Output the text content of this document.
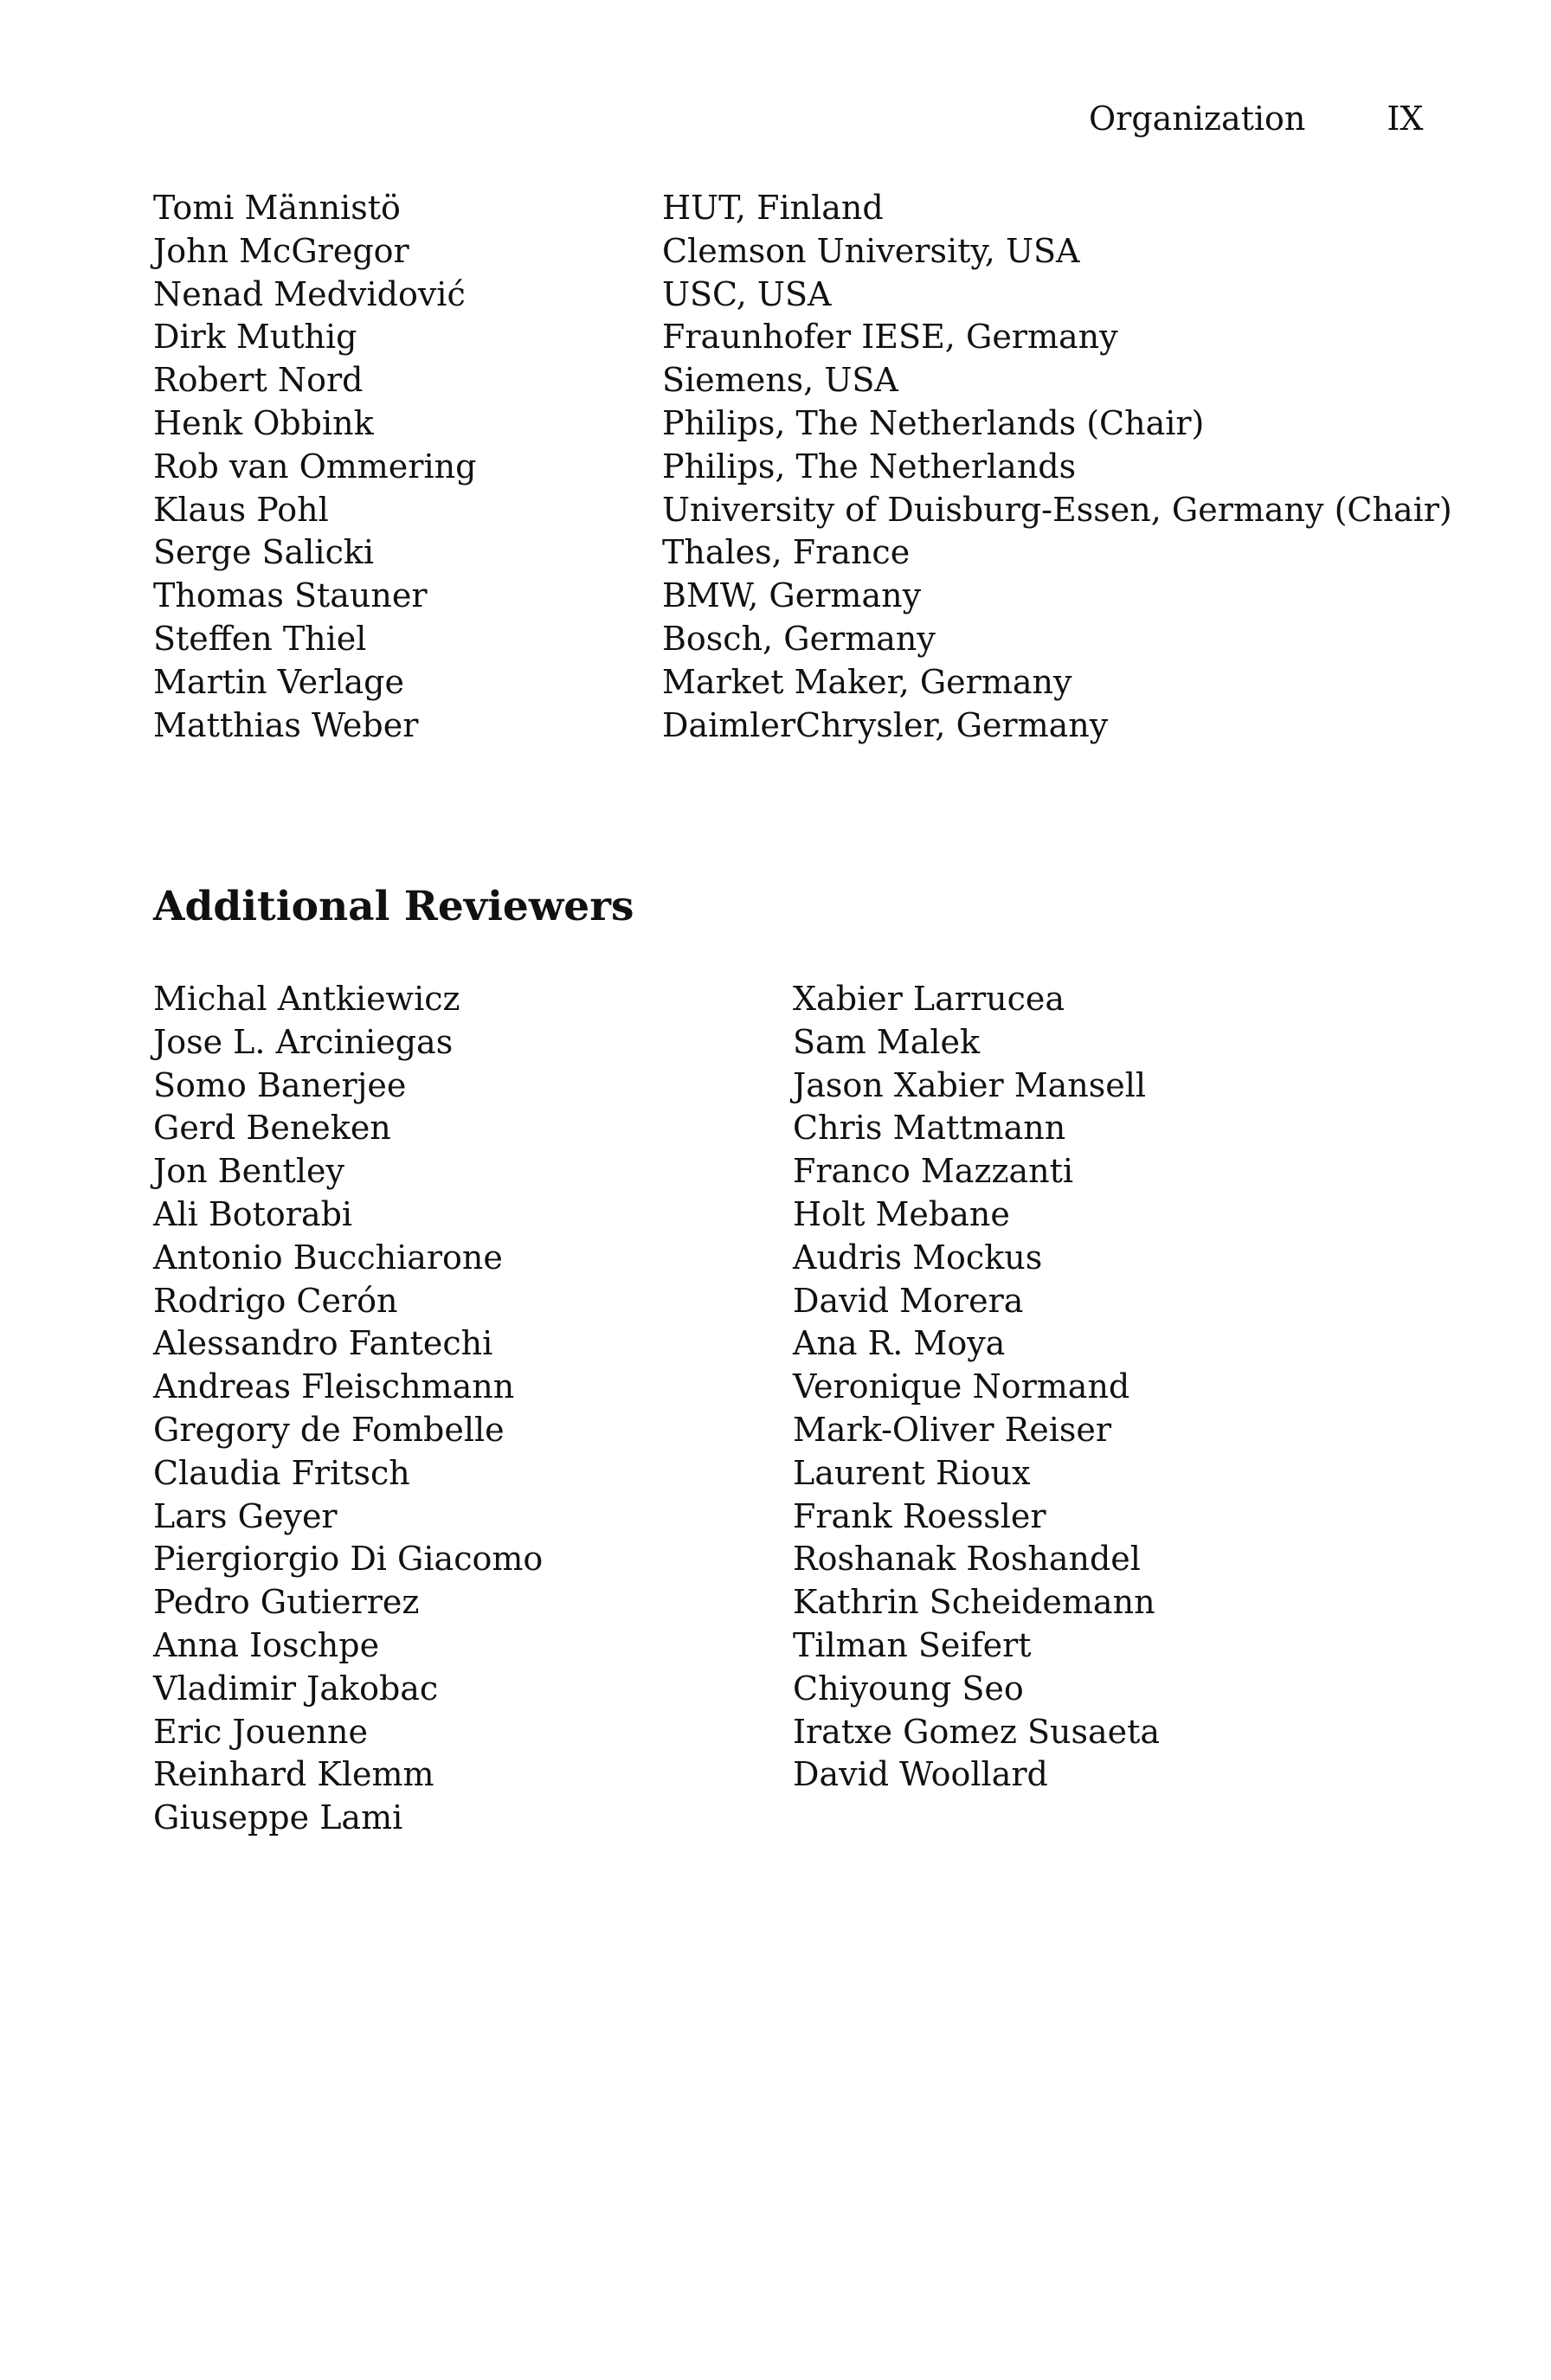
Organization IX
Tomi Männistö	HUT, Finland
John McGregor	Clemson University, USA
Nenad Medvidović	USC, USA
Dirk Muthig	Fraunhofer IESE, Germany
Robert Nord	Siemens, USA
Henk Obbink	Philips, The Netherlands (Chair)
Rob van Ommering	Philips, The Netherlands
Klaus Pohl	University of Duisburg-Essen, Germany (Chair)
Serge Salicki	Thales, France
Thomas Stauner	BMW, Germany
Steffen Thiel	Bosch, Germany
Martin Verlage	Market Maker, Germany
Matthias Weber	DaimlerChrysler, Germany
Additional Reviewers
Michal Antkiewicz
Jose L. Arciniegas
Somo Banerjee
Gerd Beneken
Jon Bentley
Ali Botorabi
Antonio Bucchiarone
Rodrigo Cerón
Alessandro Fantechi
Andreas Fleischmann
Gregory de Fombelle
Claudia Fritsch
Lars Geyer
Piergiorgio Di Giacomo
Pedro Gutierrez
Anna Ioschpe
Vladimir Jakobac
Eric Jouenne
Reinhard Klemm
Giuseppe Lami
Xabier Larrucea
Sam Malek
Jason Xabier Mansell
Chris Mattmann
Franco Mazzanti
Holt Mebane
Audris Mockus
David Morera
Ana R. Moya
Veronique Normand
Mark-Oliver Reiser
Laurent Rioux
Frank Roessler
Roshanak Roshandel
Kathrin Scheidemann
Tilman Seifert
Chiyoung Seo
Iratxe Gomez Susaeta
David Woollard
